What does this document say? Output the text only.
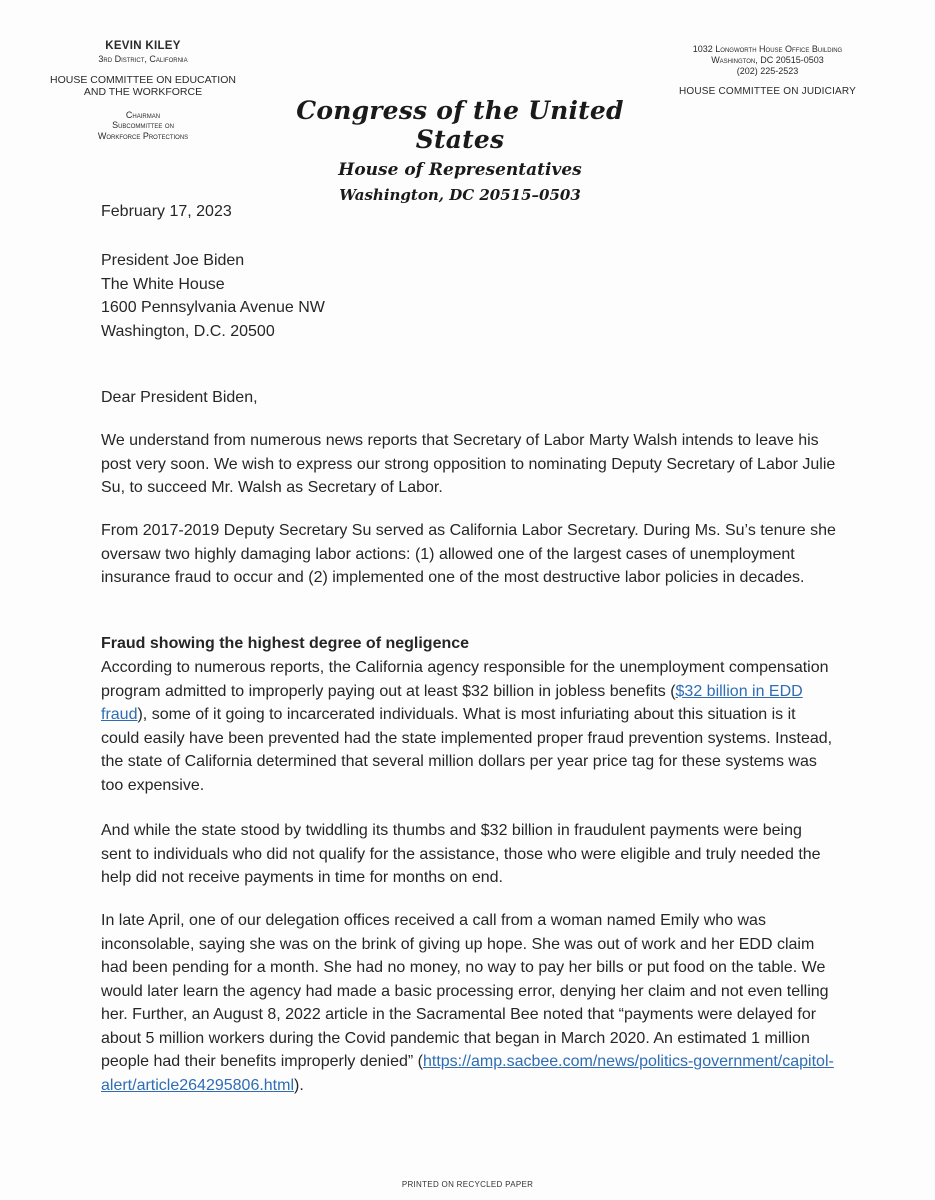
KEVIN KILEY
3rd District, California
HOUSE COMMITTEE ON EDUCATION
AND THE WORKFORCE
Chairman
Subcommittee on
Workforce Protections
Congress of the United States
House of Representatives
Washington, DC 20515–0503
1032 Longworth House Office Building
Washington, DC 20515-0503
(202) 225-2523
HOUSE COMMITTEE ON JUDICIARY

February 17, 2023

President Joe Biden
The White House
1600 Pennsylvania Avenue NW
Washington, D.C. 20500

Dear President Biden,

We understand from numerous news reports that Secretary of Labor Marty Walsh intends to leave his post very soon. We wish to express our strong opposition to nominating Deputy Secretary of Labor Julie Su, to succeed Mr. Walsh as Secretary of Labor.

From 2017-2019 Deputy Secretary Su served as California Labor Secretary. During Ms. Su’s tenure she oversaw two highly damaging labor actions: (1) allowed one of the largest cases of unemployment insurance fraud to occur and (2) implemented one of the most destructive labor policies in decades.

Fraud showing the highest degree of negligence

According to numerous reports, the California agency responsible for the unemployment compensation program admitted to improperly paying out at least $32 billion in jobless benefits ($32 billion in EDD fraud), some of it going to incarcerated individuals. What is most infuriating about this situation is it could easily have been prevented had the state implemented proper fraud prevention systems. Instead, the state of California determined that several million dollars per year price tag for these systems was too expensive.

And while the state stood by twiddling its thumbs and $32 billion in fraudulent payments were being sent to individuals who did not qualify for the assistance, those who were eligible and truly needed the help did not receive payments in time for months on end.

In late April, one of our delegation offices received a call from a woman named Emily who was inconsolable, saying she was on the brink of giving up hope. She was out of work and her EDD claim had been pending for a month. She had no money, no way to pay her bills or put food on the table. We would later learn the agency had made a basic processing error, denying her claim and not even telling her. Further, an August 8, 2022 article in the Sacramental Bee noted that “payments were delayed for about 5 million workers during the Covid pandemic that began in March 2020. An estimated 1 million people had their benefits improperly denied” (https://amp.sacbee.com/news/politics-government/capitol-alert/article264295806.html).

PRINTED ON RECYCLED PAPER
